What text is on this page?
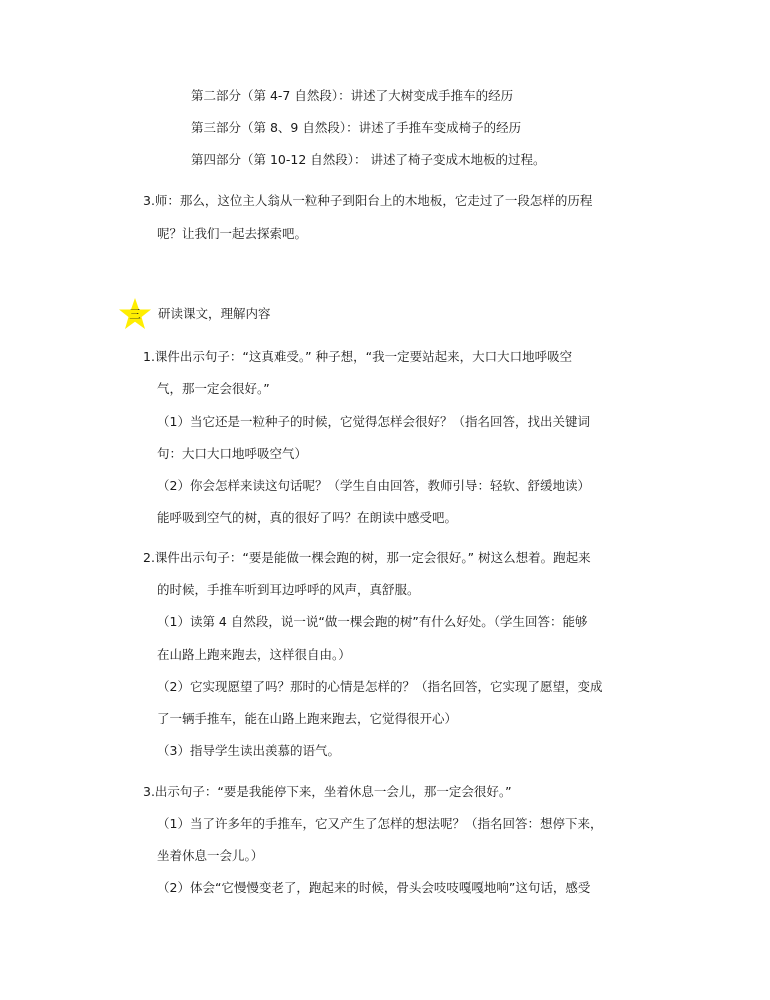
第二部分（第 4-7 自然段）：讲述了大树变成手推车的经历
第三部分（第 8、9 自然段）：讲述了手推车变成椅子的经历
第四部分（第 10-12 自然段）： 讲述了椅子变成木地板的过程。
3.师：那么，这位主人翁从一粒种子到阳台上的木地板，它走过了一段怎样的历程
呢？让我们一起去探索吧。
三	研读课文，理解内容
1.课件出示句子：“这真难受。” 种子想，“我一定要站起来，大口大口地呼吸空
气，那一定会很好。”
（1）当它还是一粒种子的时候，它觉得怎样会很好？（指名回答，找出关键词
句：大口大口地呼吸空气）
（2）你会怎样来读这句话呢？（学生自由回答，教师引导：轻软、舒缓地读）
能呼吸到空气的树，真的很好了吗？在朗读中感受吧。
2.课件出示句子：“要是能做一棵会跑的树，那一定会很好。” 树这么想着。跑起来
的时候，手推车听到耳边呼呼的风声，真舒服。
（1）读第 4 自然段，说一说“做一棵会跑的树”有什么好处。（学生回答：能够
在山路上跑来跑去，这样很自由。）
（2）它实现愿望了吗？那时的心情是怎样的？（指名回答，它实现了愿望，变成
了一辆手推车，能在山路上跑来跑去，它觉得很开心）
（3）指导学生读出羡慕的语气。
3.出示句子：“要是我能停下来，坐着休息一会儿，那一定会很好。”
（1）当了许多年的手推车，它又产生了怎样的想法呢？（指名回答：想停下来，
坐着休息一会儿。）
（2）体会“它慢慢变老了，跑起来的时候，骨头会吱吱嘎嘎地响”这句话，感受
